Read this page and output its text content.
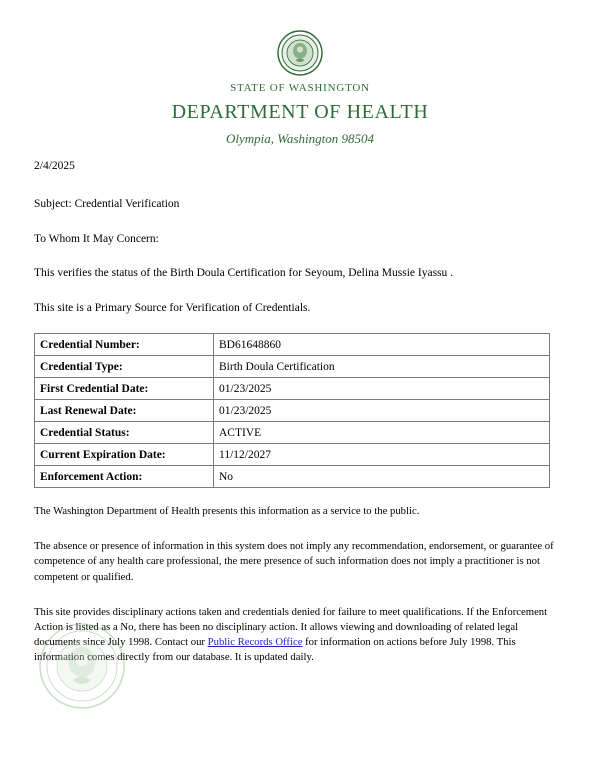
STATE OF WASHINGTON
DEPARTMENT OF HEALTH
Olympia, Washington 98504
2/4/2025
Subject: Credential Verification
To Whom It May Concern:
This verifies the status of the Birth Doula Certification for Seyoum, Delina Mussie Iyassu .
This site is a Primary Source for Verification of Credentials.
Credential Number:	BD61648860
Credential Type:	Birth Doula Certification
First Credential Date:	01/23/2025
Last Renewal Date:	01/23/2025
Credential Status:	ACTIVE
Current Expiration Date:	11/12/2027
Enforcement Action:	No

The Washington Department of Health presents this information as a service to the public.

The absence or presence of information in this system does not imply any recommendation, endorsement, or guarantee of competence of any health care professional, the mere presence of such information does not imply a practitioner is not competent or qualified.

This site provides disciplinary actions taken and credentials denied for failure to meet qualifications. If the Enforcement Action is listed as a No, there has been no disciplinary action. It allows viewing and downloading of related legal documents since July 1998. Contact our Public Records Office for information on actions before July 1998. This information comes directly from our database. It is updated daily.
